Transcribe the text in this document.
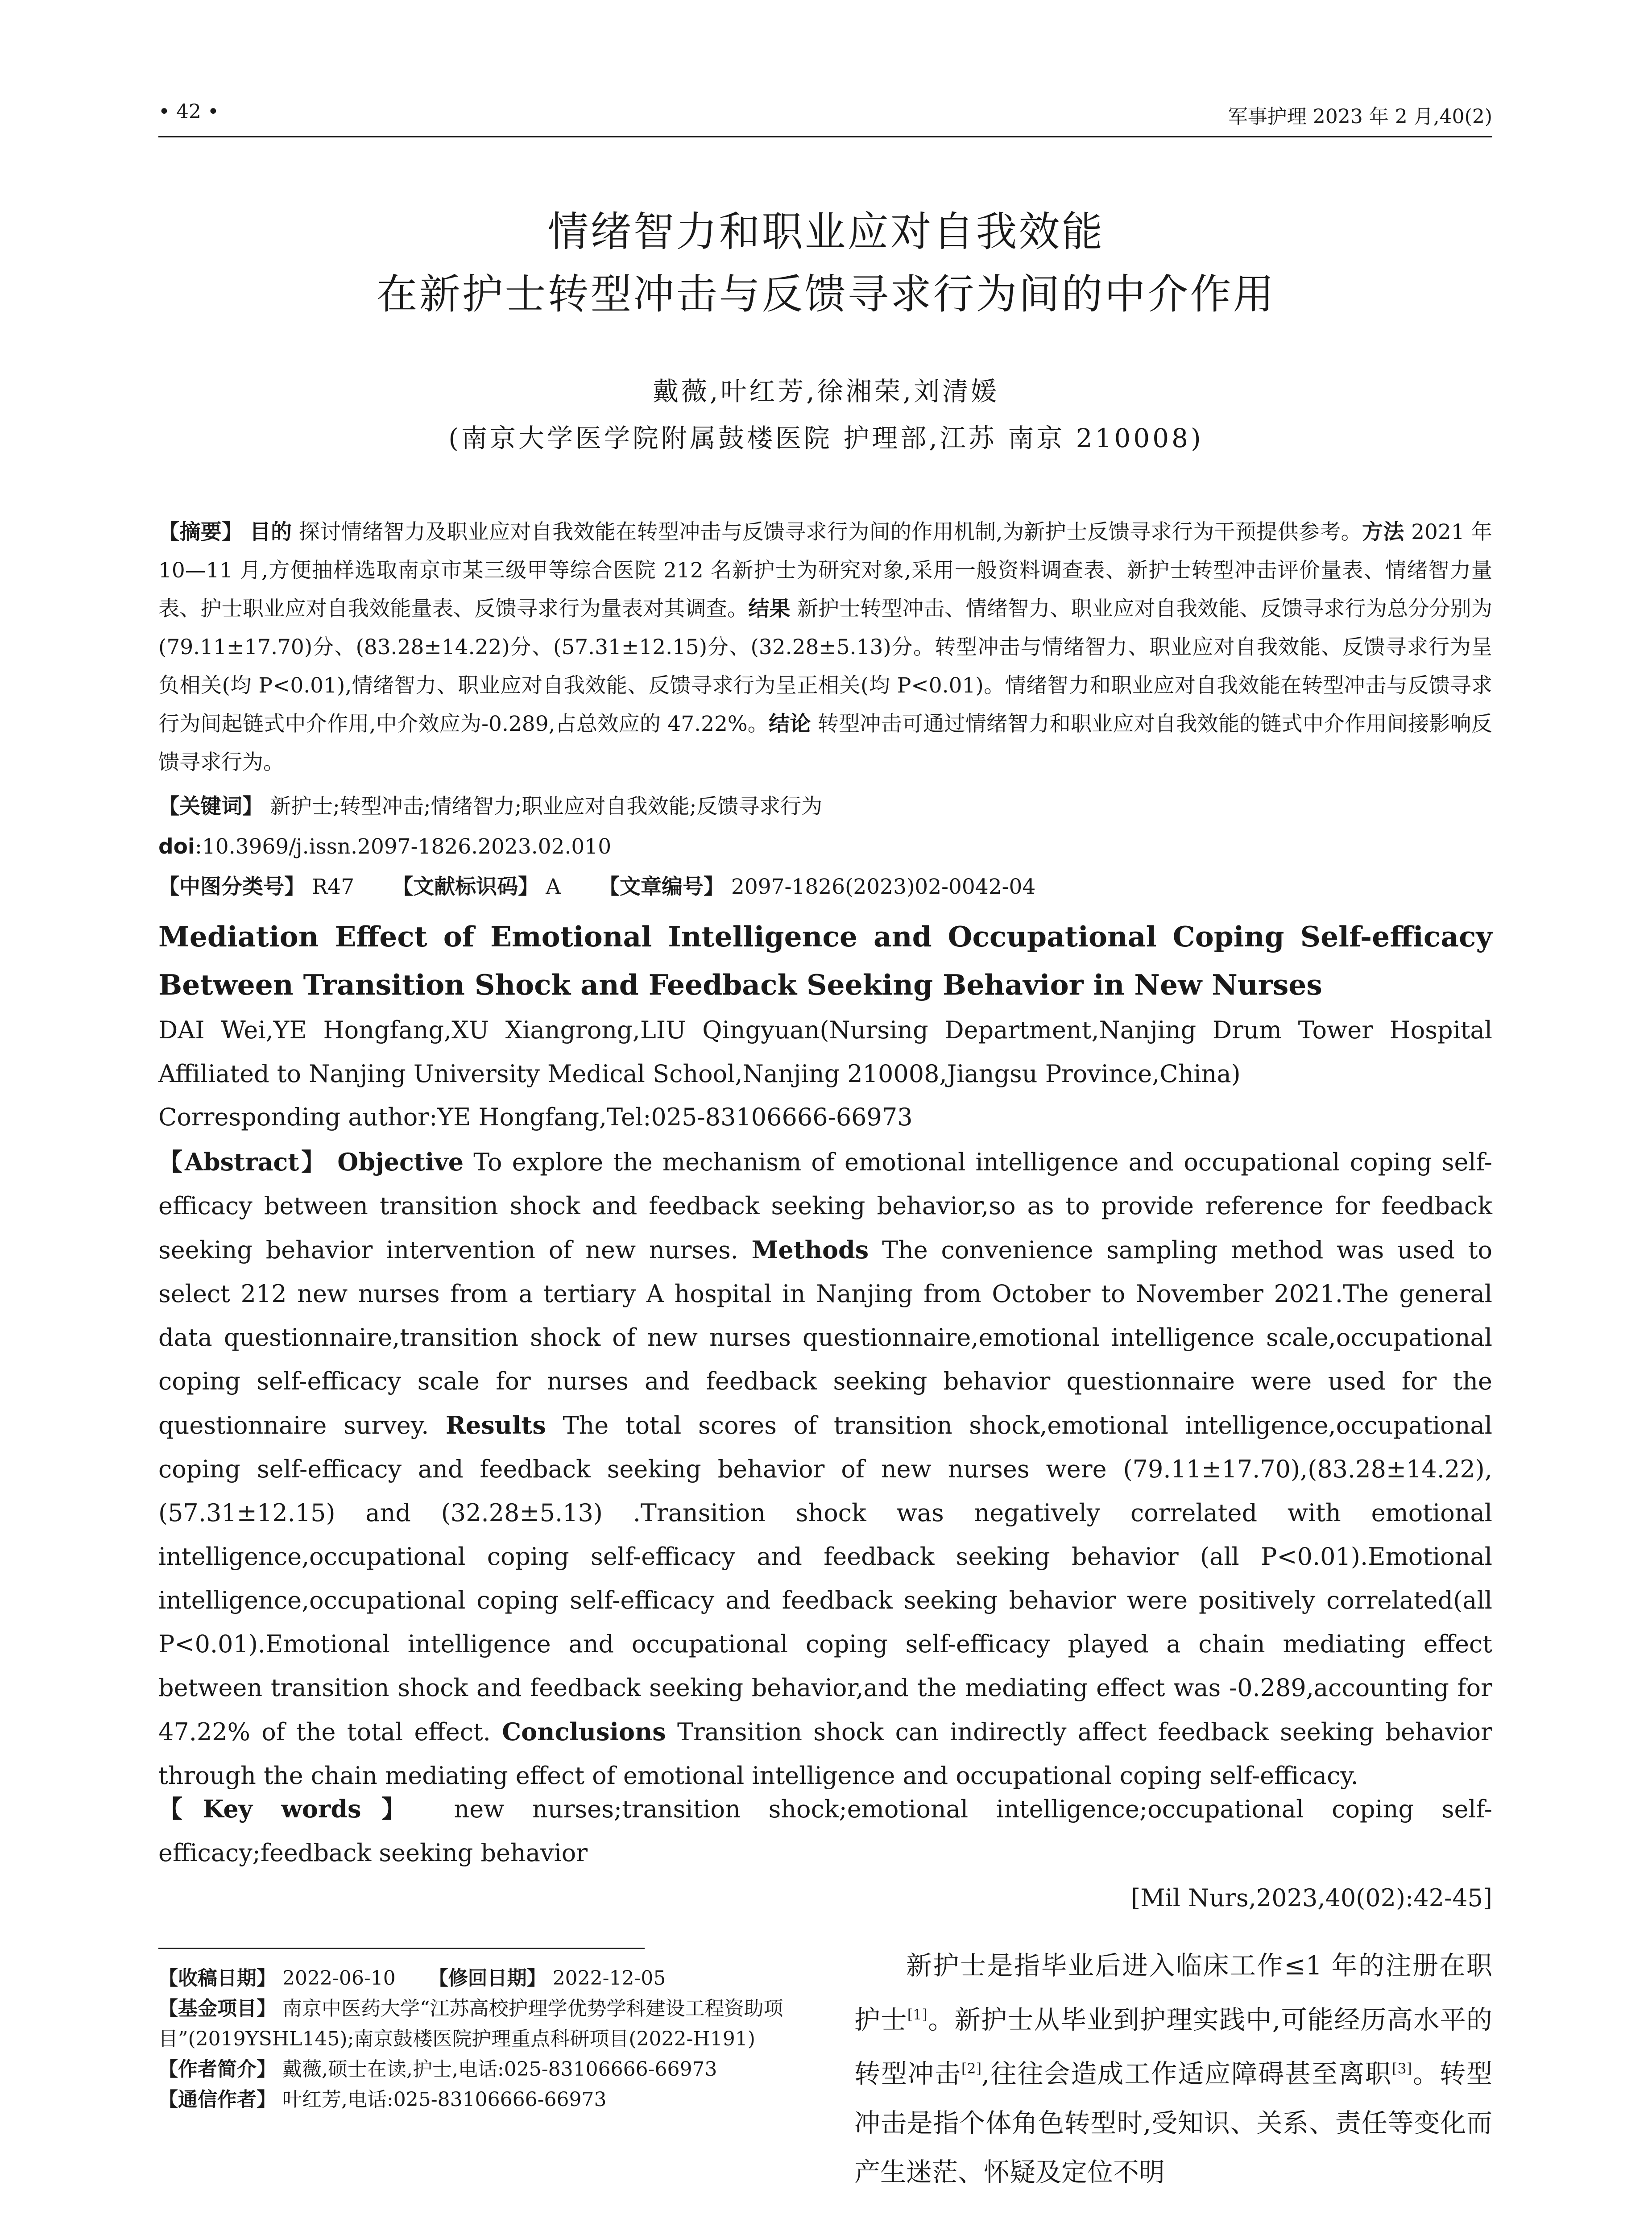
• 42 •	军事护理 2023 年 2 月,40(2)
情绪智力和职业应对自我效能
在新护士转型冲击与反馈寻求行为间的中介作用
戴薇,叶红芳,徐湘荣,刘清媛
(南京大学医学院附属鼓楼医院 护理部,江苏 南京 210008)
【摘要】 目的 探讨情绪智力及职业应对自我效能在转型冲击与反馈寻求行为间的作用机制,为新护士反馈寻求行为干预提供参考。方法 2021 年 10—11 月,方便抽样选取南京市某三级甲等综合医院 212 名新护士为研究对象,采用一般资料调查表、新护士转型冲击评价量表、情绪智力量表、护士职业应对自我效能量表、反馈寻求行为量表对其调查。结果 新护士转型冲击、情绪智力、职业应对自我效能、反馈寻求行为总分分别为(79.11±17.70)分、(83.28±14.22)分、(57.31±12.15)分、(32.28±5.13)分。转型冲击与情绪智力、职业应对自我效能、反馈寻求行为呈负相关(均 P<0.01),情绪智力、职业应对自我效能、反馈寻求行为呈正相关(均 P<0.01)。情绪智力和职业应对自我效能在转型冲击与反馈寻求行为间起链式中介作用,中介效应为-0.289,占总效应的 47.22%。结论 转型冲击可通过情绪智力和职业应对自我效能的链式中介作用间接影响反馈寻求行为。
【关键词】 新护士;转型冲击;情绪智力;职业应对自我效能;反馈寻求行为
doi:10.3969/j.issn.2097-1826.2023.02.010
【中图分类号】 R47 【文献标识码】 A 【文章编号】 2097-1826(2023)02-0042-04
Mediation Effect of Emotional Intelligence and Occupational Coping Self-efficacy Between Transition Shock and Feedback Seeking Behavior in New Nurses
DAI Wei,YE Hongfang,XU Xiangrong,LIU Qingyuan(Nursing Department,Nanjing Drum Tower Hospital Affiliated to Nanjing University Medical School,Nanjing 210008,Jiangsu Province,China)
Corresponding author:YE Hongfang,Tel:025-83106666-66973
【Abstract】 Objective To explore the mechanism of emotional intelligence and occupational coping self-efficacy between transition shock and feedback seeking behavior,so as to provide reference for feedback seeking behavior intervention of new nurses. Methods The convenience sampling method was used to select 212 new nurses from a tertiary A hospital in Nanjing from October to November 2021.The general data questionnaire,transition shock of new nurses questionnaire,emotional intelligence scale,occupational coping self-efficacy scale for nurses and feedback seeking behavior questionnaire were used for the questionnaire survey. Results The total scores of transition shock,emotional intelligence,occupational coping self-efficacy and feedback seeking behavior of new nurses were (79.11±17.70),(83.28±14.22),(57.31±12.15) and (32.28±5.13) .Transition shock was negatively correlated with emotional intelligence,occupational coping self-efficacy and feedback seeking behavior (all P<0.01).Emotional intelligence,occupational coping self-efficacy and feedback seeking behavior were positively correlated(all P<0.01).Emotional intelligence and occupational coping self-efficacy played a chain mediating effect between transition shock and feedback seeking behavior,and the mediating effect was -0.289,accounting for 47.22% of the total effect. Conclusions Transition shock can indirectly affect feedback seeking behavior through the chain mediating effect of emotional intelligence and occupational coping self-efficacy.
【Key words】 new nurses;transition shock;emotional intelligence;occupational coping self-efficacy;feedback seeking behavior
[Mil Nurs,2023,40(02):42-45]
【收稿日期】 2022-06-10 【修回日期】 2022-12-05
【基金项目】 南京中医药大学“江苏高校护理学优势学科建设工程资助项目”(2019YSHL145);南京鼓楼医院护理重点科研项目(2022-H191)
【作者简介】 戴薇,硕士在读,护士,电话:025-83106666-66973
【通信作者】 叶红芳,电话:025-83106666-66973
新护士是指毕业后进入临床工作≤1 年的注册在职护士[1]。新护士从毕业到护理实践中,可能经历高水平的转型冲击[2],往往会造成工作适应障碍甚至离职[3]。转型冲击是指个体角色转型时,受知识、关系、责任等变化而产生迷茫、怀疑及定位不明
